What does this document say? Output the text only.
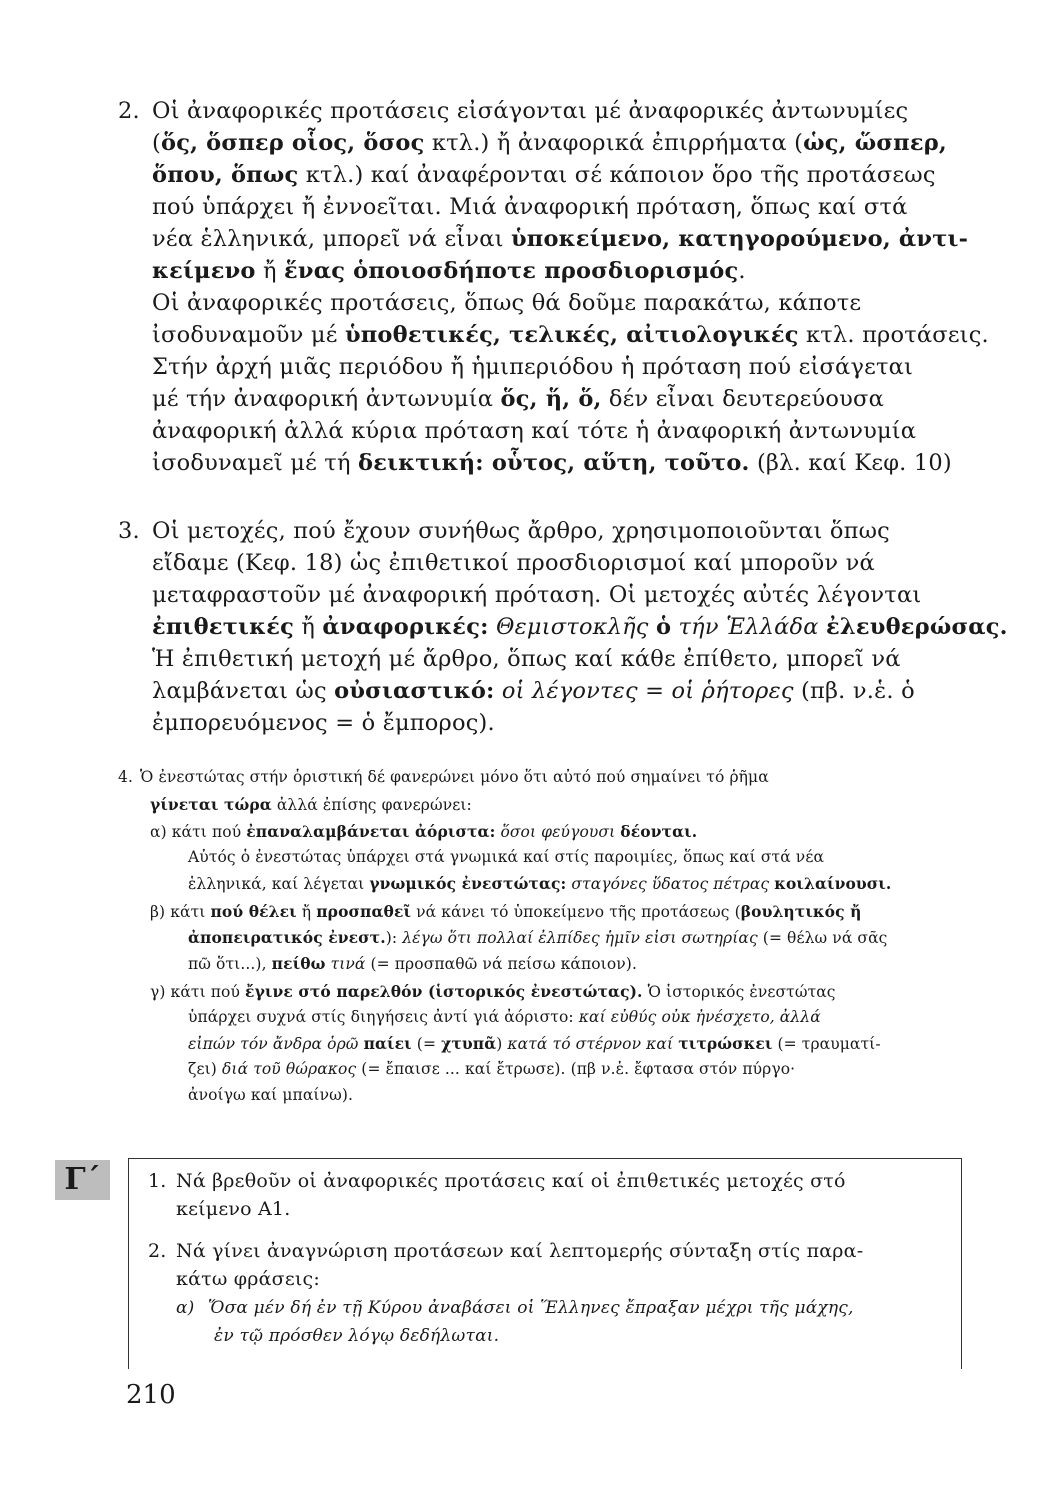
2. Οἱ ἀναφορικές προτάσεις εἰσάγονται μέ ἀναφορικές ἀντωνυμίες
(ὅς, ὅσπερ οἷος, ὅσος κτλ.) ἤ ἀναφορικά ἐπιρρήματα (ὡς, ὥσπερ,
ὅπου, ὅπως κτλ.) καί ἀναφέρονται σέ κάποιον ὅρο τῆς προτάσεως
πού ὑπάρχει ἤ ἐννοεῖται. Μιά ἀναφορική πρόταση, ὅπως καί στά
νέα ἑλληνικά, μπορεῖ νά εἶναι ὑποκείμενο, κατηγορούμενο, ἀντι-
κείμενο ἤ ἕνας ὁποιοσδήποτε προσδιορισμός.
Οἱ ἀναφορικές προτάσεις, ὅπως θά δοῦμε παρακάτω, κάποτε
ἰσοδυναμοῦν μέ ὑποθετικές, τελικές, αἰτιολογικές κτλ. προτάσεις.
Στήν ἀρχή μιᾶς περιόδου ἤ ἡμιπεριόδου ἡ πρόταση πού εἰσάγεται
μέ τήν ἀναφορική ἀντωνυμία ὅς, ἥ, ὅ, δέν εἶναι δευτερεύουσα
ἀναφορική ἀλλά κύρια πρόταση καί τότε ἡ ἀναφορική ἀντωνυμία
ἰσοδυναμεῖ μέ τή δεικτική: οὗτος, αὕτη, τοῦτο. (βλ. καί Κεφ. 10)
3. Οἱ μετοχές, πού ἔχουν συνήθως ἄρθρο, χρησιμοποιοῦνται ὅπως
εἴδαμε (Κεφ. 18) ὡς ἐπιθετικοί προσδιορισμοί καί μποροῦν νά
μεταφραστοῦν μέ ἀναφορική πρόταση. Οἱ μετοχές αὐτές λέγονται
ἐπιθετικές ἤ ἀναφορικές: Θεμιστοκλῆς ὁ τήν Ἑλλάδα ἐλευθερώσας.
Ἡ ἐπιθετική μετοχή μέ ἄρθρο, ὅπως καί κάθε ἐπίθετο, μπορεῖ νά
λαμβάνεται ὡς οὐσιαστικό: οἱ λέγοντες = οἱ ῥήτορες (πβ. ν.ἑ. ὁ
ἐμπορευόμενος = ὁ ἔμπορος).
4. Ὁ ἐνεστώτας στήν ὁριστική δέ φανερώνει μόνο ὅτι αὐτό πού σημαίνει τό ῥῆμα
γίνεται τώρα ἀλλά ἐπίσης φανερώνει:
α) κάτι πού ἐπαναλαμβάνεται ἀόριστα: ὅσοι φεύγουσι δέονται.
Αὐτός ὁ ἐνεστώτας ὑπάρχει στά γνωμικά καί στίς παροιμίες, ὅπως καί στά νέα
ἑλληνικά, καί λέγεται γνωμικός ἐνεστώτας: σταγόνες ὕδατος πέτρας κοιλαίνουσι.
β) κάτι πού θέλει ἤ προσπαθεῖ νά κάνει τό ὑποκείμενο τῆς προτάσεως (βουλητικός ἤ
ἀποπειρατικός ἐνεστ.): λέγω ὅτι πολλαί ἐλπίδες ἡμῖν εἰσι σωτηρίας (= θέλω νά σᾶς
πῶ ὅτι...), πείθω τινά (= προσπαθῶ νά πείσω κάποιον).
γ) κάτι πού ἔγινε στό παρελθόν (ἱστορικός ἐνεστώτας). Ὁ ἱστορικός ἐνεστώτας
ὑπάρχει συχνά στίς διηγήσεις ἀντί γιά ἀόριστο: καί εὐθύς οὐκ ἠνέσχετο, ἀλλά
εἰπών τόν ἄνδρα ὁρῶ παίει (= χτυπᾶ) κατά τό στέρνον καί τιτρώσκει (= τραυματί-
ζει) διά τοῦ θώρακος (= ἔπαισε ... καί ἔτρωσε). (πβ ν.ἑ. ἔφτασα στόν πύργο·
ἀνοίγω καί μπαίνω).
Γ΄	1. Νά βρεθοῦν οἱ ἀναφορικές προτάσεις καί οἱ ἐπιθετικές μετοχές στό
κείμενο Α1.
2. Νά γίνει ἀναγνώριση προτάσεων καί λεπτομερής σύνταξη στίς παρα-
κάτω φράσεις:
α) Ὅσα μέν δή ἐν τῇ Κύρου ἀναβάσει οἱ Ἕλληνες ἔπραξαν μέχρι τῆς μάχης,
ἐν τῷ πρόσθεν λόγῳ δεδήλωται.
210
